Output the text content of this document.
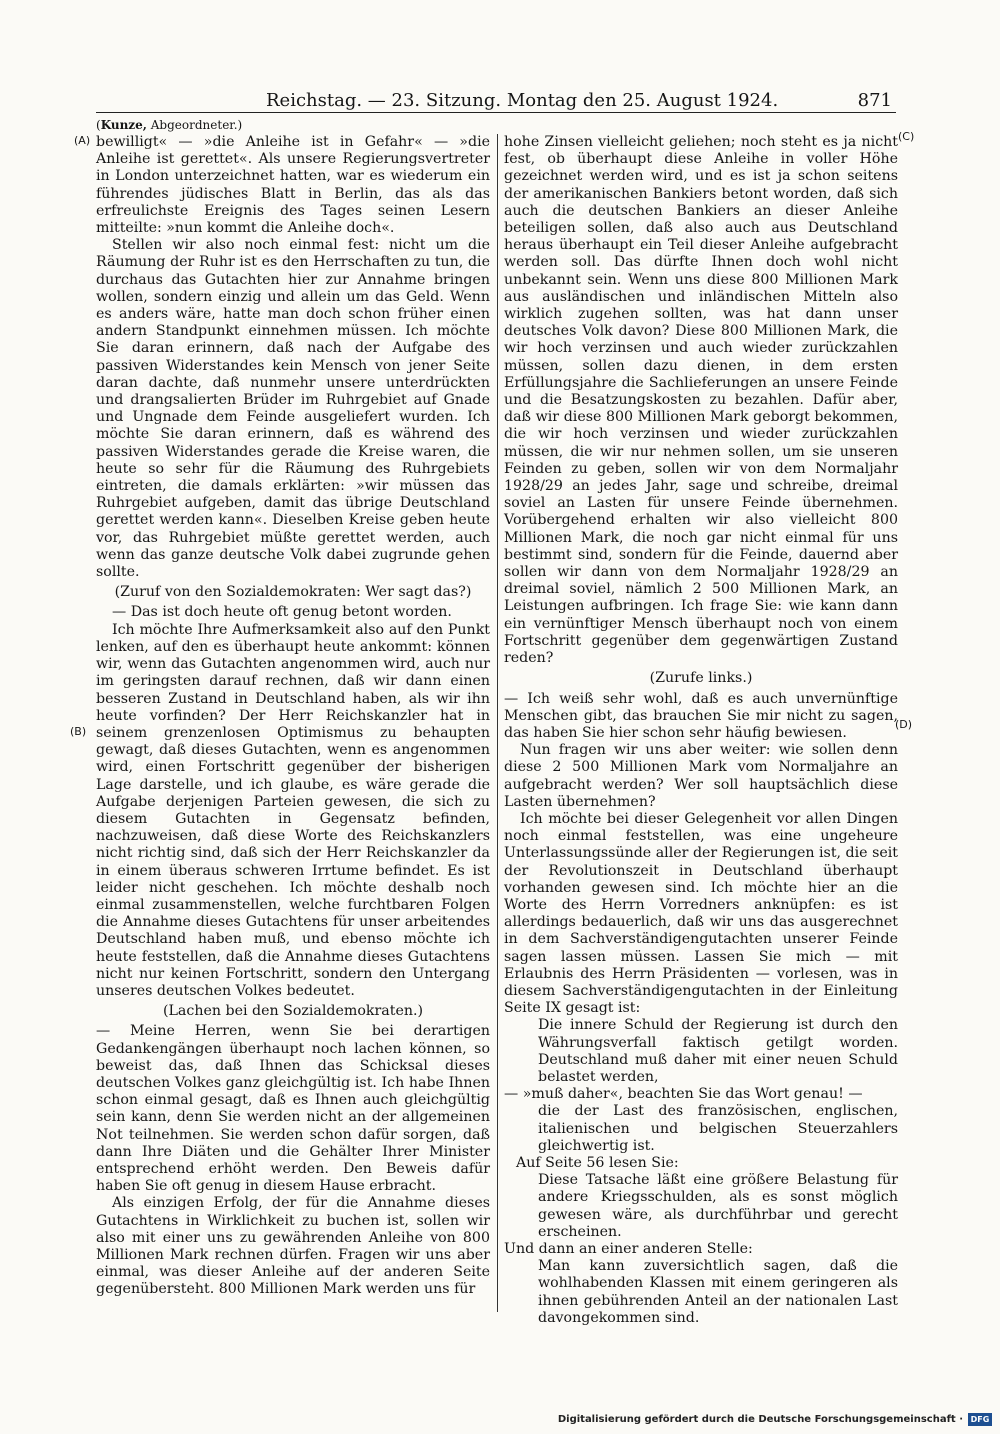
Reichstag. — 23. Sitzung. Montag den 25. August 1924.	871
(Kunze, Abgeordneter.)
(A)
(B)
(C)
(D)

bewilligt« — »die Anleihe ist in Gefahr« — »die Anleihe ist gerettet«. Als unsere Regierungsvertreter in London unterzeichnet hatten, war es wiederum ein führendes jüdisches Blatt in Berlin, das als das erfreulichste Ereignis des Tages seinen Lesern mitteilte: »nun kommt die Anleihe doch«.

Stellen wir also noch einmal fest: nicht um die Räumung der Ruhr ist es den Herrschaften zu tun, die durchaus das Gutachten hier zur Annahme bringen wollen, sondern einzig und allein um das Geld. Wenn es anders wäre, hatte man doch schon früher einen andern Standpunkt einnehmen müssen. Ich möchte Sie daran erinnern, daß nach der Aufgabe des passiven Widerstandes kein Mensch von jener Seite daran dachte, daß nunmehr unsere unterdrückten und drangsalierten Brüder im Ruhrgebiet auf Gnade und Ungnade dem Feinde ausgeliefert wurden. Ich möchte Sie daran erinnern, daß es während des passiven Widerstandes gerade die Kreise waren, die heute so sehr für die Räumung des Ruhrgebiets eintreten, die damals erklärten: »wir müssen das Ruhrgebiet aufgeben, damit das übrige Deutschland gerettet werden kann«. Dieselben Kreise geben heute vor, das Ruhrgebiet müßte gerettet werden, auch wenn das ganze deutsche Volk dabei zugrunde gehen sollte.

(Zuruf von den Sozialdemokraten: Wer sagt das?)

— Das ist doch heute oft genug betont worden.

Ich möchte Ihre Aufmerksamkeit also auf den Punkt lenken, auf den es überhaupt heute ankommt: können wir, wenn das Gutachten angenommen wird, auch nur im geringsten darauf rechnen, daß wir dann einen besseren Zustand in Deutschland haben, als wir ihn heute vorfinden? Der Herr Reichskanzler hat in seinem grenzenlosen Optimismus zu behaupten gewagt, daß dieses Gutachten, wenn es angenommen wird, einen Fortschritt gegenüber der bisherigen Lage darstelle, und ich glaube, es wäre gerade die Aufgabe derjenigen Parteien gewesen, die sich zu diesem Gutachten in Gegensatz befinden, nachzuweisen, daß diese Worte des Reichskanzlers nicht richtig sind, daß sich der Herr Reichskanzler da in einem überaus schweren Irrtume befindet. Es ist leider nicht geschehen. Ich möchte deshalb noch einmal zusammenstellen, welche furchtbaren Folgen die Annahme dieses Gutachtens für unser arbeitendes Deutschland haben muß, und ebenso möchte ich heute feststellen, daß die Annahme dieses Gutachtens nicht nur keinen Fortschritt, sondern den Untergang unseres deutschen Volkes bedeutet.

(Lachen bei den Sozialdemokraten.)

— Meine Herren, wenn Sie bei derartigen Gedankengängen überhaupt noch lachen können, so beweist das, daß Ihnen das Schicksal dieses deutschen Volkes ganz gleichgültig ist. Ich habe Ihnen schon einmal gesagt, daß es Ihnen auch gleichgültig sein kann, denn Sie werden nicht an der allgemeinen Not teilnehmen. Sie werden schon dafür sorgen, daß dann Ihre Diäten und die Gehälter Ihrer Minister entsprechend erhöht werden. Den Beweis dafür haben Sie oft genug in diesem Hause erbracht.

Als einzigen Erfolg, der für die Annahme dieses Gutachtens in Wirklichkeit zu buchen ist, sollen wir also mit einer uns zu gewährenden Anleihe von 800 Millionen Mark rechnen dürfen. Fragen wir uns aber einmal, was dieser Anleihe auf der anderen Seite gegenübersteht. 800 Millionen Mark werden uns für

hohe Zinsen vielleicht geliehen; noch steht es ja nicht fest, ob überhaupt diese Anleihe in voller Höhe gezeichnet werden wird, und es ist ja schon seitens der amerikanischen Bankiers betont worden, daß sich auch die deutschen Bankiers an dieser Anleihe beteiligen sollen, daß also auch aus Deutschland heraus überhaupt ein Teil dieser Anleihe aufgebracht werden soll. Das dürfte Ihnen doch wohl nicht unbekannt sein. Wenn uns diese 800 Millionen Mark aus ausländischen und inländischen Mitteln also wirklich zugehen sollten, was hat dann unser deutsches Volk davon? Diese 800 Millionen Mark, die wir hoch verzinsen und auch wieder zurückzahlen müssen, sollen dazu dienen, in dem ersten Erfüllungsjahre die Sachlieferungen an unsere Feinde und die Besatzungskosten zu bezahlen. Dafür aber, daß wir diese 800 Millionen Mark geborgt bekommen, die wir hoch verzinsen und wieder zurückzahlen müssen, die wir nur nehmen sollen, um sie unseren Feinden zu geben, sollen wir von dem Normaljahr 1928/29 an jedes Jahr, sage und schreibe, dreimal soviel an Lasten für unsere Feinde übernehmen. Vorübergehend erhalten wir also vielleicht 800 Millionen Mark, die noch gar nicht einmal für uns bestimmt sind, sondern für die Feinde, dauernd aber sollen wir dann von dem Normaljahr 1928/29 an dreimal soviel, nämlich 2 500 Millionen Mark, an Leistungen aufbringen. Ich frage Sie: wie kann dann ein vernünftiger Mensch überhaupt noch von einem Fortschritt gegenüber dem gegenwärtigen Zustand reden?

(Zurufe links.)

— Ich weiß sehr wohl, daß es auch unvernünftige Menschen gibt, das brauchen Sie mir nicht zu sagen, das haben Sie hier schon sehr häufig bewiesen.

Nun fragen wir uns aber weiter: wie sollen denn diese 2 500 Millionen Mark vom Normaljahre an aufgebracht werden? Wer soll hauptsächlich diese Lasten übernehmen?

Ich möchte bei dieser Gelegenheit vor allen Dingen noch einmal feststellen, was eine ungeheure Unterlassungssünde aller der Regierungen ist, die seit der Revolutionszeit in Deutschland überhaupt vorhanden gewesen sind. Ich möchte hier an die Worte des Herrn Vorredners anknüpfen: es ist allerdings bedauerlich, daß wir uns das ausgerechnet in dem Sachverständigengutachten unserer Feinde sagen lassen müssen. Lassen Sie mich — mit Erlaubnis des Herrn Präsidenten — vorlesen, was in diesem Sachverständigengutachten in der Einleitung Seite IX gesagt ist:

Die innere Schuld der Regierung ist durch den Währungsverfall faktisch getilgt worden. Deutschland muß daher mit einer neuen Schuld belastet werden,

— »muß daher«, beachten Sie das Wort genau! —

die der Last des französischen, englischen, italienischen und belgischen Steuerzahlers gleichwertig ist.

Auf Seite 56 lesen Sie:

Diese Tatsache läßt eine größere Belastung für andere Kriegsschulden, als es sonst möglich gewesen wäre, als durchführbar und gerecht erscheinen.

Und dann an einer anderen Stelle:

Man kann zuversichtlich sagen, daß die wohlhabenden Klassen mit einem geringeren als ihnen gebührenden Anteil an der nationalen Last davongekommen sind.

Digitalisierung gefördert durch die Deutsche Forschungsgemeinschaft · DFG
